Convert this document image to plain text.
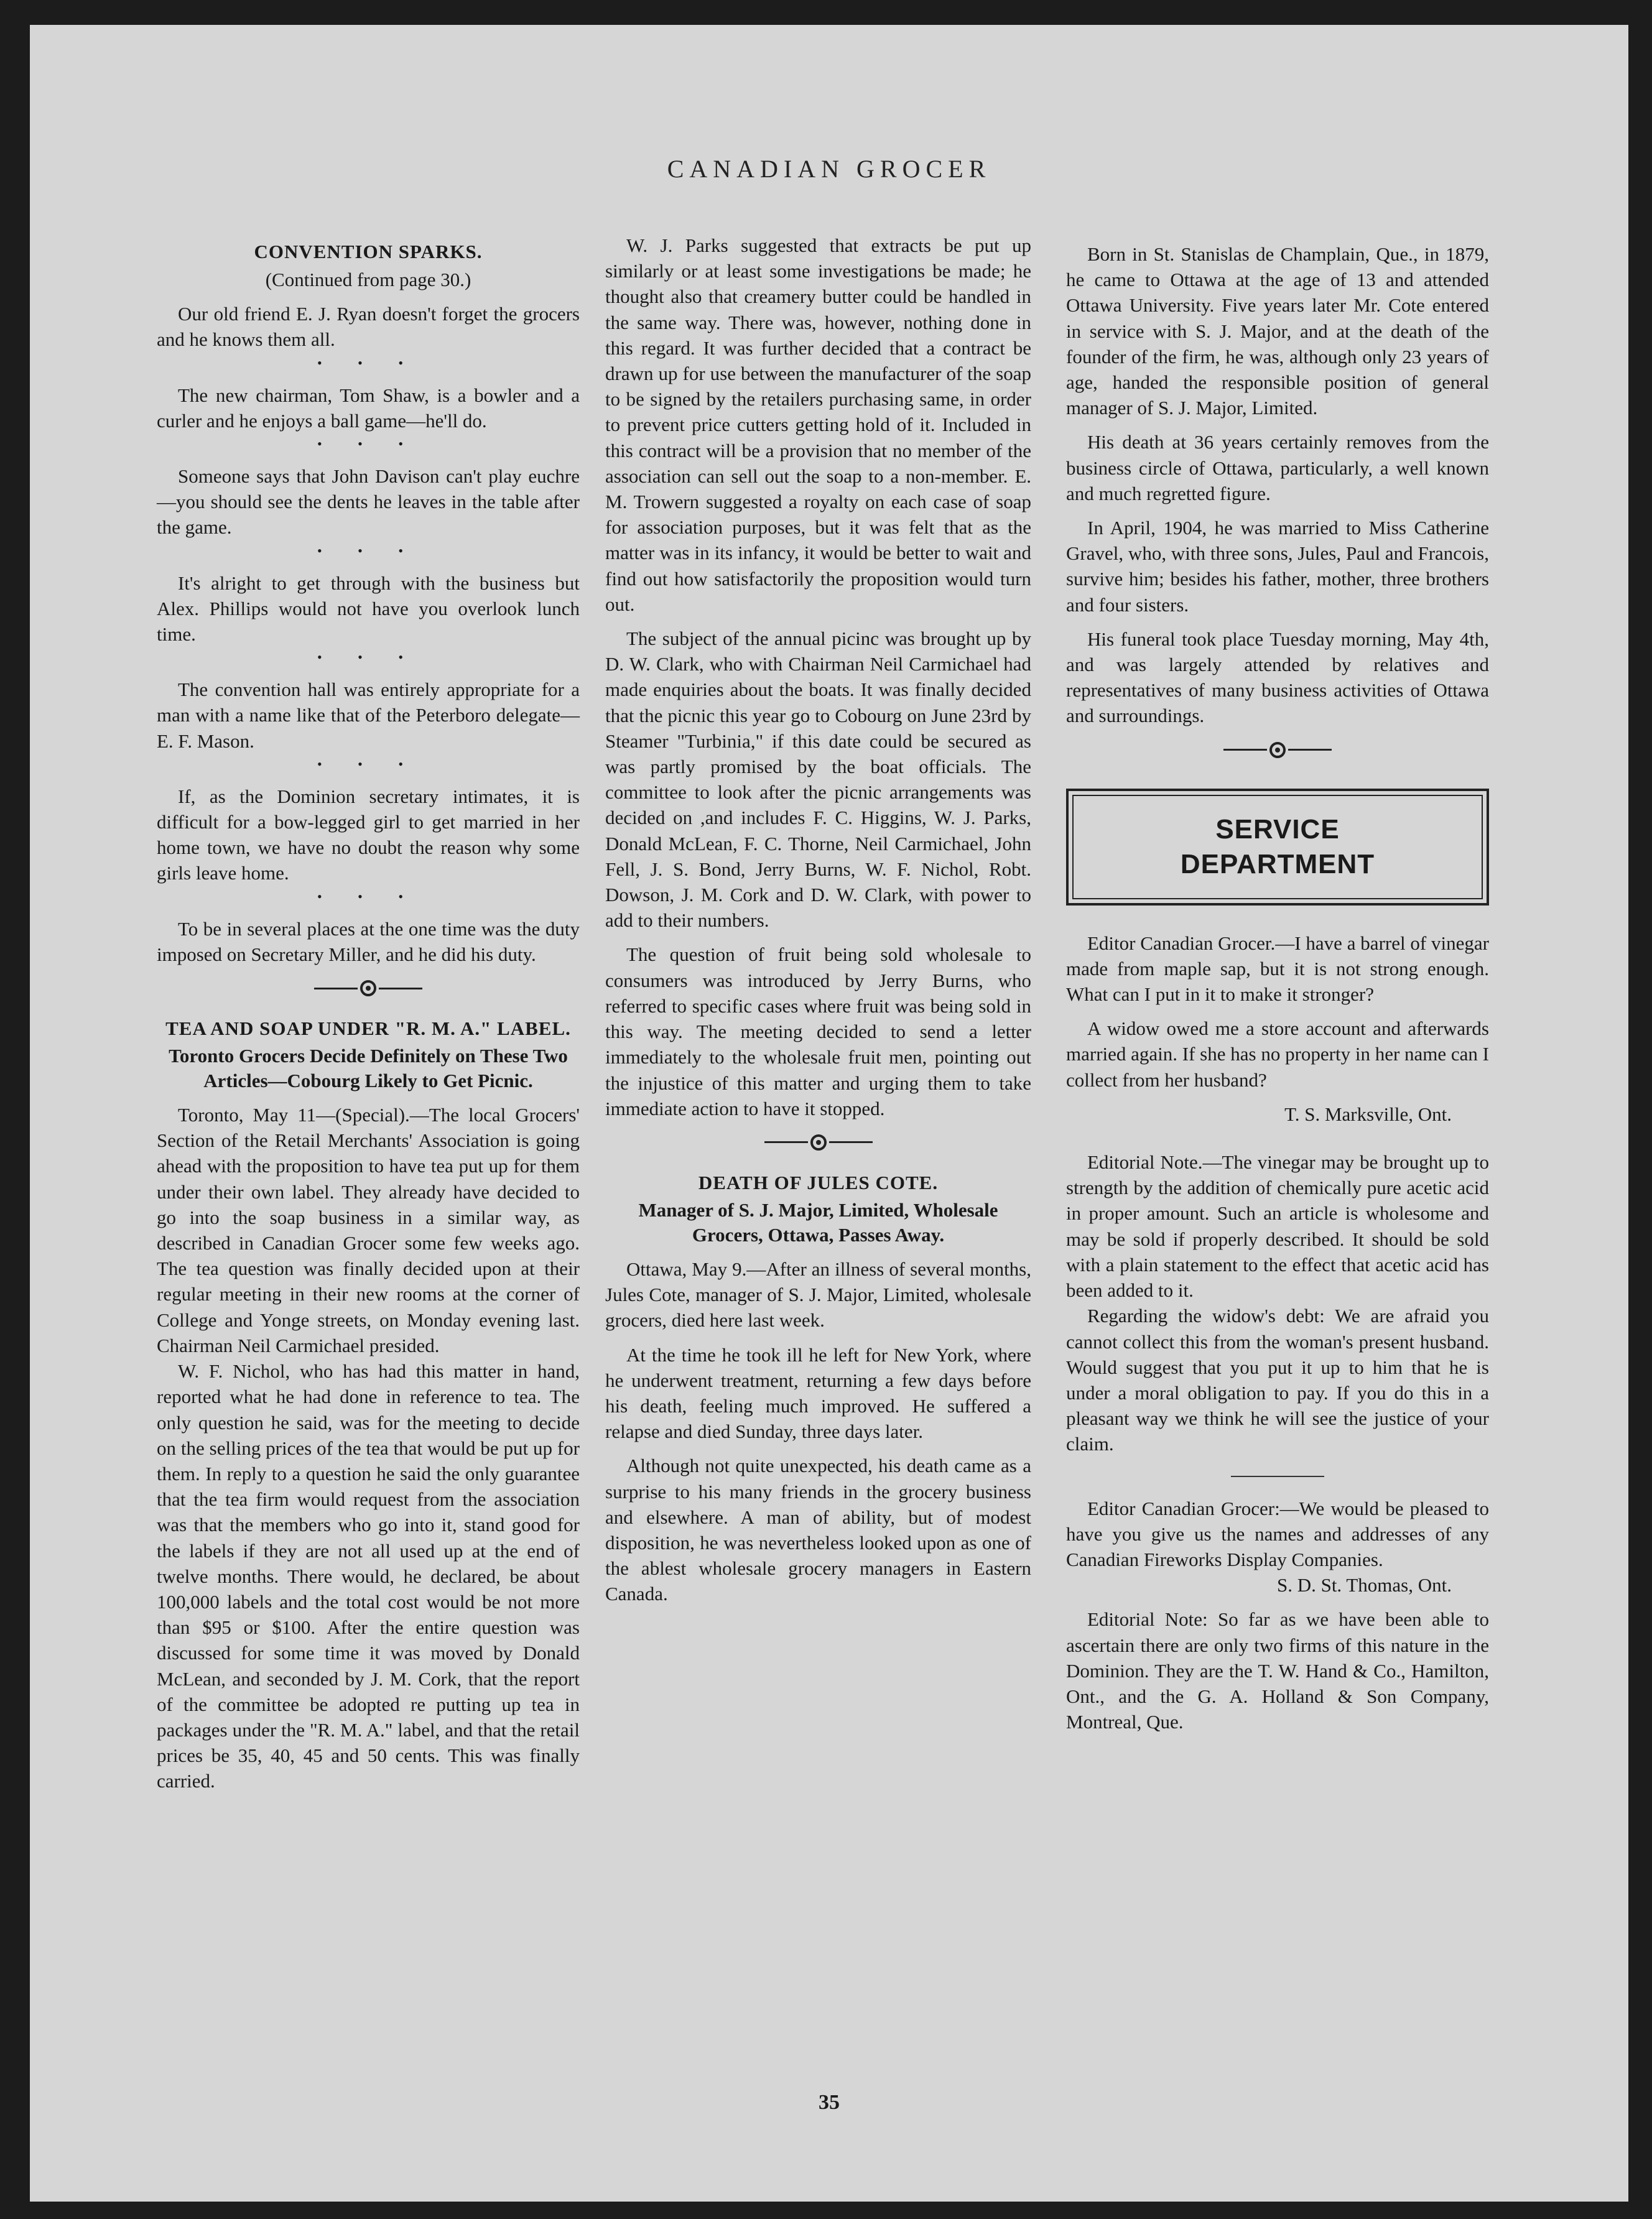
CANADIAN GROCER
CONVENTION SPARKS.

(Continued from page 30.)

Our old friend E. J. Ryan doesn't forget the grocers and he knows them all.

• • •

The new chairman, Tom Shaw, is a bowler and a curler and he enjoys a ball game—he'll do.

• • •

Someone says that John Davison can't play euchre—you should see the dents he leaves in the table after the game.

• • •

It's alright to get through with the business but Alex. Phillips would not have you overlook lunch time.

• • •

The convention hall was entirely appropriate for a man with a name like that of the Peterboro delegate—E. F. Mason.

• • •

If, as the Dominion secretary intimates, it is difficult for a bow-legged girl to get married in her home town, we have no doubt the reason why some girls leave home.

• • •

To be in several places at the one time was the duty imposed on Secretary Miller, and he did his duty.

TEA AND SOAP UNDER "R. M. A." LABEL.
Toronto Grocers Decide Definitely on These Two Articles—Cobourg Likely to Get Picnic.

Toronto, May 11—(Special).—The local Grocers' Section of the Retail Merchants' Association is going ahead with the proposition to have tea put up for them under their own label. They already have decided to go into the soap business in a similar way, as described in Canadian Grocer some few weeks ago. The tea question was finally decided upon at their regular meeting in their new rooms at the corner of College and Yonge streets, on Monday evening last. Chairman Neil Carmichael presided.

W. F. Nichol, who has had this matter in hand, reported what he had done in reference to tea. The only question he said, was for the meeting to decide on the selling prices of the tea that would be put up for them. In reply to a question he said the only guarantee that the tea firm would request from the association was that the members who go into it, stand good for the labels if they are not all used up at the end of twelve months. There would, he declared, be about 100,000 labels and the total cost would be not more than $95 or $100. After the entire question was discussed for some time it was moved by Donald McLean, and seconded by J. M. Cork, that the report of the committee be adopted re putting up tea in packages under the "R. M. A." label, and that the retail prices be 35, 40, 45 and 50 cents. This was finally carried.

W. J. Parks suggested that extracts be put up similarly or at least some investigations be made; he thought also that creamery butter could be handled in the same way. There was, however, nothing done in this regard. It was further decided that a contract be drawn up for use between the manufacturer of the soap to be signed by the retailers purchasing same, in order to prevent price cutters getting hold of it. Included in this contract will be a provision that no member of the association can sell out the soap to a non-member. E. M. Trowern suggested a royalty on each case of soap for association purposes, but it was felt that as the matter was in its infancy, it would be better to wait and find out how satisfactorily the proposition would turn out.

The subject of the annual picinc was brought up by D. W. Clark, who with Chairman Neil Carmichael had made enquiries about the boats. It was finally decided that the picnic this year go to Cobourg on June 23rd by Steamer "Turbinia," if this date could be secured as was partly promised by the boat officials. The committee to look after the picnic arrangements was decided on ,and includes F. C. Higgins, W. J. Parks, Donald McLean, F. C. Thorne, Neil Carmichael, John Fell, J. S. Bond, Jerry Burns, W. F. Nichol, Robt. Dowson, J. M. Cork and D. W. Clark, with power to add to their numbers.

The question of fruit being sold wholesale to consumers was introduced by Jerry Burns, who referred to specific cases where fruit was being sold in this way. The meeting decided to send a letter immediately to the wholesale fruit men, pointing out the injustice of this matter and urging them to take immediate action to have it stopped.

DEATH OF JULES COTE.
Manager of S. J. Major, Limited, Wholesale Grocers, Ottawa, Passes Away.

Ottawa, May 9.—After an illness of several months, Jules Cote, manager of S. J. Major, Limited, wholesale grocers, died here last week.

At the time he took ill he left for New York, where he underwent treatment, returning a few days before his death, feeling much improved. He suffered a relapse and died Sunday, three days later.

Although not quite unexpected, his death came as a surprise to his many friends in the grocery business and elsewhere. A man of ability, but of modest disposition, he was nevertheless looked upon as one of the ablest wholesale grocery managers in Eastern Canada.

Born in St. Stanislas de Champlain, Que., in 1879, he came to Ottawa at the age of 13 and attended Ottawa University. Five years later Mr. Cote entered in service with S. J. Major, and at the death of the founder of the firm, he was, although only 23 years of age, handed the responsible position of general manager of S. J. Major, Limited.

His death at 36 years certainly removes from the business circle of Ottawa, particularly, a well known and much regretted figure.

In April, 1904, he was married to Miss Catherine Gravel, who, with three sons, Jules, Paul and Francois, survive him; besides his father, mother, three brothers and four sisters.

His funeral took place Tuesday morning, May 4th, and was largely attended by relatives and representatives of many business activities of Ottawa and surroundings.

SERVICE
DEPARTMENT

Editor Canadian Grocer.—I have a barrel of vinegar made from maple sap, but it is not strong enough. What can I put in it to make it stronger?

A widow owed me a store account and afterwards married again. If she has no property in her name can I collect from her husband?

T. S. Marksville, Ont.

Editorial Note.—The vinegar may be brought up to strength by the addition of chemically pure acetic acid in proper amount. Such an article is wholesome and may be sold if properly described. It should be sold with a plain statement to the effect that acetic acid has been added to it.

Regarding the widow's debt: We are afraid you cannot collect this from the woman's present husband. Would suggest that you put it up to him that he is under a moral obligation to pay. If you do this in a pleasant way we think he will see the justice of your claim.

Editor Canadian Grocer:—We would be pleased to have you give us the names and addresses of any Canadian Fireworks Display Companies.

S. D. St. Thomas, Ont.

Editorial Note: So far as we have been able to ascertain there are only two firms of this nature in the Dominion. They are the T. W. Hand & Co., Hamilton, Ont., and the G. A. Holland & Son Company, Montreal, Que.

35
